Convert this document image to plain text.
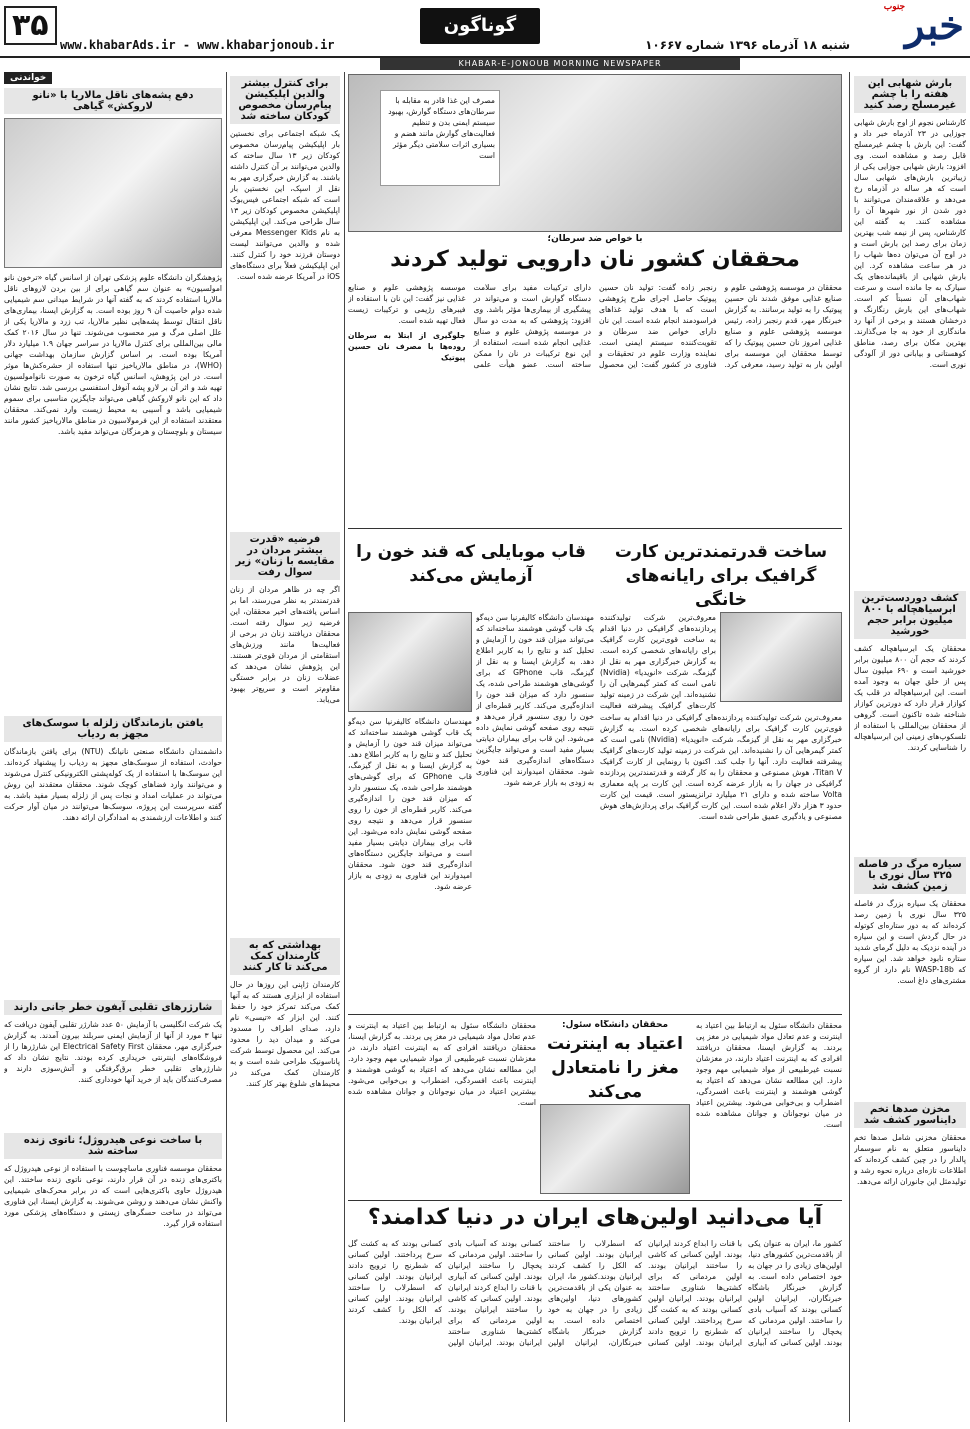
۳۵
www.khabarAds.ir - www.khabarjonoub.ir
گوناگون	خبر$^{جنوب}$
شنبه ۱۸ آذرماه ۱۳۹۶ شماره ۱۰۶۶۷
KHABAR-E-JONOUB MORNING NEWSPAPER
بارش شهابی این هفته را با چشم غیرمسلح رصد کنید

کارشناس نجوم از اوج بارش شهابی جوزایی در ۲۳ آذرماه خبر داد و گفت: این بارش با چشم غیرمسلح قابل رصد و مشاهده است. وی افزود: بارش شهابی جوزایی یکی از زیباترین بارش‌های شهابی سال است که هر ساله در آذرماه رخ می‌دهد و علاقه‌مندان می‌توانند با دور شدن از نور شهرها آن را مشاهده کنند. به گفته این کارشناس، پس از نیمه شب بهترین زمان برای رصد این بارش است و در اوج آن می‌توان ده‌ها شهاب را در هر ساعت مشاهده کرد. این بارش شهابی از باقیمانده‌های یک سیارک به جا مانده است و سرعت شهاب‌های آن نسبتاً کم است. شهاب‌های این بارش رنگارنگ و درخشان هستند و برخی از آنها رد ماندگاری از خود به جا می‌گذارند. بهترین مکان برای رصد، مناطق کوهستانی و بیابانی دور از آلودگی نوری است.

کشف دوردست‌ترین ابرسیاهچاله با ۸۰۰ میلیون برابر حجم خورشید

محققان یک ابرسیاهچاله کشف کردند که حجم آن ۸۰۰ میلیون برابر خورشید است و ۶۹۰ میلیون سال پس از خلق جهان به وجود آمده است. این ابرسیاهچاله در قلب یک کوازار قرار دارد که دورترین کوازار شناخته شده تاکنون است. گروهی از محققان بین‌المللی با استفاده از تلسکوپ‌های زمینی این ابرسیاهچاله را شناسایی کردند.

سیاره مرگ در فاصله ۳۲۵ سال نوری با زمین کشف شد

محققان یک سیاره بزرگ در فاصله ۳۲۵ سال نوری با زمین رصد کرده‌اند که به دور ستاره‌ای کوتوله در حال گردش است و این سیاره در آینده نزدیک به دلیل گرمای شدید ستاره نابود خواهد شد. این سیاره که WASP-18b نام دارد از گروه مشتری‌های داغ است.

مخزن صدها تخم دایناسور کشف شد

محققان مخزنی شامل صدها تخم دایناسور متعلق به نام سوسمار پالدار را در چین کشف کرده‌اند که اطلاعات تازه‌ای درباره نحوه رشد و تولیدمثل این جانوران ارائه می‌دهد.

مصرف این غذا قادر به مقابله با سرطان‌های دستگاه گوارش، بهبود سیستم ایمنی بدن و تنظیم فعالیت‌های گوارش مانند هضم و بسیاری اثرات سلامتی دیگر مؤثر است
با خواص ضد سرطان؛
محققان کشور نان دارویی تولید کردند
محققان در موسسه پژوهشی علوم و صنایع غذایی موفق شدند نان حسین پیوتیک را به تولید برسانند. به گزارش خبرنگار مهر، قدم رنجبر زاده، رئیس موسسه پژوهشی علوم و صنایع غذایی امروز نان حسین پیوتیک را که توسط محققان این موسسه برای اولین بار به تولید رسید، معرفی کرد. رنجبر زاده گفت: تولید نان حسین پیوتیک حاصل اجرای طرح پژوهشی است که با هدف تولید غذاهای فراسودمند انجام شده است. این نان دارای خواص ضد سرطان و تقویت‌کننده سیستم ایمنی است. نماینده وزارت علوم در تحقیقات و فناوری در کشور گفت: این محصول دارای ترکیبات مفید برای سلامت دستگاه گوارش است و می‌تواند در پیشگیری از بیماری‌ها مؤثر باشد. وی افزود: پژوهشی که به مدت دو سال در موسسه پژوهش علوم و صنایع غذایی انجام شده است، استفاده از این نوع ترکیبات در نان را ممکن ساخته است. عضو هیأت علمی موسسه پژوهشی علوم و صنایع غذایی نیز گفت: این نان با استفاده از فیبرهای رژیمی و ترکیبات زیست فعال تهیه شده است.
جلوگیری از ابتلا به سرطان روده‌ها با مصرف نان حسین پیوتیک
ساخت قدرتمندترین کارت گرافیک برای رایانه‌های خانگی
معروف‌ترین شرکت تولیدکننده پردازنده‌های گرافیکی در دنیا اقدام به ساخت قوی‌ترین کارت گرافیک برای رایانه‌های شخصی کرده است. به گزارش خبرگزاری مهر به نقل از گیزمگ، شرکت «انویدیا» (Nvidia) نامی است که کمتر گیمرهایی آن را نشنیده‌اند. این شرکت در زمینه تولید کارت‌های گرافیک پیشرفته فعالیت
معروف‌ترین شرکت تولیدکننده پردازنده‌های گرافیکی در دنیا اقدام به ساخت قوی‌ترین کارت گرافیک برای رایانه‌های شخصی کرده است. به گزارش خبرگزاری مهر به نقل از گیزمگ، شرکت «انویدیا» (Nvidia) نامی است که کمتر گیمرهایی آن را نشنیده‌اند. این شرکت در زمینه تولید کارت‌های گرافیک پیشرفته فعالیت دارد. آنها را جلب کند. اکنون با رونمایی از کارت گرافیک Titan V، هوش مصنوعی و محققان را به کار گرفته و قدرتمندترین پردازنده گرافیکی در جهان را به بازار عرضه کرده است. این کارت بر پایه معماری Volta ساخته شده و دارای ۲۱ میلیارد ترانزیستور است. قیمت این کارت حدود ۳ هزار دلار اعلام شده است. این کارت گرافیک برای پردازش‌های هوش مصنوعی و یادگیری عمیق طراحی شده است.
قاب موبایلی که قند خون را آزمایش می‌کند
مهندسان دانشگاه کالیفرنیا سن دیه‌گو یک قاب گوشی هوشمند ساخته‌اند که می‌تواند میزان قند خون را آزمایش و تحلیل کند و نتایج را به کاربر اطلاع دهد. به گزارش ایسنا و به نقل از گیزمگ، قاب GPhone که برای گوشی‌های هوشمند طراحی شده، یک سنسور دارد که میزان قند خون را اندازه‌گیری می‌کند. کاربر قطره‌ای از خون را روی سنسور قرار می‌دهد و نتیجه روی صفحه گوشی نمایش داده می‌شود. این قاب برای بیماران دیابتی بسیار مفید است و می‌تواند جایگزین دستگاه‌های اندازه‌گیری قند خون شود. محققان امیدوارند این فناوری به زودی به بازار عرضه شود.
مهندسان دانشگاه کالیفرنیا سن دیه‌گو یک قاب گوشی هوشمند ساخته‌اند که می‌تواند میزان قند خون را آزمایش و تحلیل کند و نتایج را به کاربر اطلاع دهد. به گزارش ایسنا و به نقل از گیزمگ، قاب GPhone که برای گوشی‌های هوشمند طراحی شده، یک سنسور دارد که میزان قند خون را اندازه‌گیری می‌کند. کاربر قطره‌ای از خون را روی سنسور قرار می‌دهد و نتیجه روی صفحه گوشی نمایش داده می‌شود. این قاب برای بیماران دیابتی بسیار مفید است و می‌تواند جایگزین دستگاه‌های اندازه‌گیری قند خون شود. محققان امیدوارند این فناوری به زودی به بازار عرضه شود.
محققان دانشگاه سئول:
اعتیاد به اینترنت مغز را نامتعادل می‌کند
محققان دانشگاه سئول به ارتباط بین اعتیاد به اینترنت و عدم تعادل مواد شیمیایی در مغز پی بردند. به گزارش ایسنا، محققان دریافتند افرادی که به اینترنت اعتیاد دارند، در مغزشان نسبت غیرطبیعی از مواد شیمیایی مهم وجود دارد. این مطالعه نشان می‌دهد که اعتیاد به گوشی هوشمند و اینترنت باعث افسردگی، اضطراب و بی‌خوابی می‌شود. بیشترین اعتیاد در میان نوجوانان و جوانان مشاهده شده است.
محققان دانشگاه سئول به ارتباط بین اعتیاد به اینترنت و عدم تعادل مواد شیمیایی در مغز پی بردند. به گزارش ایسنا، محققان دریافتند افرادی که به اینترنت اعتیاد دارند، در مغزشان نسبت غیرطبیعی از مواد شیمیایی مهم وجود دارد. این مطالعه نشان می‌دهد که اعتیاد به گوشی هوشمند و اینترنت باعث افسردگی، اضطراب و بی‌خوابی می‌شود. بیشترین اعتیاد در میان نوجوانان و جوانان مشاهده شده است.
آیا می‌دانید اولین‌های ایران در دنیا کدامند؟
کشور ما، ایران به عنوان یکی از باقدمت‌ترین کشورهای دنیا، اولین‌های زیادی را در جهان به خود اختصاص داده است. به گزارش خبرنگار باشگاه خبرنگاران، ایرانیان اولین کسانی بودند که آسیاب بادی را ساختند. اولین مردمانی که یخچال را ساختند ایرانیان بودند. اولین کسانی که آبیاری با قنات را ابداع کردند ایرانیان بودند. اولین کسانی که کاشی را ساختند ایرانیان بودند. اولین مردمانی که برای کشتی‌ها شناوری ساختند ایرانیان بودند. ایرانیان اولین کسانی بودند که به کشت گل سرخ پرداختند. اولین کسانی که شطرنج را ترویج دادند ایرانیان بودند. اولین کسانی که اسطرلاب را ساختند ایرانیان بودند. اولین کسانی که الکل را کشف کردند ایرانیان بودند.کشور ما، ایران به عنوان یکی از باقدمت‌ترین کشورهای دنیا، اولین‌های زیادی را در جهان به خود اختصاص داده است. به گزارش خبرنگار باشگاه خبرنگاران، ایرانیان اولین کسانی بودند که آسیاب بادی را ساختند. اولین مردمانی که یخچال را ساختند ایرانیان بودند. اولین کسانی که آبیاری با قنات را ابداع کردند ایرانیان بودند. اولین کسانی که کاشی را ساختند ایرانیان بودند. اولین مردمانی که برای کشتی‌ها شناوری ساختند ایرانیان بودند. ایرانیان اولین کسانی بودند که به کشت گل سرخ پرداختند. اولین کسانی که شطرنج را ترویج دادند ایرانیان بودند. اولین کسانی که اسطرلاب را ساختند ایرانیان بودند. اولین کسانی که الکل را کشف کردند ایرانیان بودند.
برای کنترل بیشتر والدین اپلیکیشن پیام‌رسان مخصوص کودکان ساخته شد

یک شبکه اجتماعی برای نخستین بار اپلیکیشن پیام‌رسان مخصوص کودکان زیر ۱۳ سال ساخته که والدین می‌توانند بر آن کنترل داشته باشند. به گزارش خبرگزاری مهر به نقل از اسپک، این نخستین بار است که شبکه اجتماعی فیس‌بوک اپلیکیشن مخصوص کودکان زیر ۱۳ سال طراحی می‌کند. این اپلیکیشن به نام Messenger Kids معرفی شده و والدین می‌توانند لیست دوستان فرزند خود را کنترل کنند. این اپلیکیشن فعلاً برای دستگاه‌های iOS در آمریکا عرضه شده است.

فرضیه «قدرت بیشتر مردان در مقایسه با زنان» زیر سوال رفت

اگر چه در ظاهر مردان از زنان قدرتمندتر به نظر می‌رسند، اما بر اساس یافته‌های اخیر محققان، این فرضیه زیر سوال رفته است. محققان دریافتند زنان در برخی از فعالیت‌ها مانند ورزش‌های استقامتی از مردان قوی‌تر هستند. این پژوهش نشان می‌دهد که عضلات زنان در برابر خستگی مقاوم‌تر است و سریع‌تر بهبود می‌یابد.

بهداشتی که به کارمندان کمک می‌کند تا کار کنند

کارمندان ژاپنی این روزها در حال استفاده از ابزاری هستند که به آنها کمک می‌کند تمرکز خود را حفظ کنند. این ابزار که «تیسی» نام دارد، صدای اطراف را مسدود می‌کند و میدان دید را محدود می‌کند. این محصول توسط شرکت پاناسونیک طراحی شده است و به کارمندان کمک می‌کند در محیط‌های شلوغ بهتر کار کنند.

خواندنی
دفع پشه‌های ناقل مالاریا با «نانو لاروکش» گیاهی

پژوهشگران دانشگاه علوم پزشکی تهران از اسانس گیاه «ترخون نانو امولسیون» به عنوان سم گیاهی برای از بین بردن لاروهای ناقل مالاریا استفاده کردند که به گفته آنها در شرایط میدانی سم شیمیایی شده دوام خاصیت آن ۹ روز بوده است. به گزارش ایسنا، بیماری‌های ناقل انتقال توسط پشه‌هایی نظیر مالاریا، تب زرد و مالاریا یکی از علل اصلی مرگ و میر محسوب می‌شوند. تنها در سال ۲۰۱۶ کمک مالی بین‌المللی برای کنترل مالاریا در سراسر جهان ۱.۹ میلیارد دلار آمریکا بوده است. بر اساس گزارش سازمان بهداشت جهانی (WHO)، در مناطق مالاریاخیز تنها استفاده از حشره‌کش‌ها موثر است. در این پژوهش، اسانس گیاه ترخون به صورت نانوامولسیون تهیه شد و اثر آن بر لارو پشه آنوفل استفنسی بررسی شد. نتایج نشان داد که این نانو لاروکش گیاهی می‌تواند جایگزین مناسبی برای سموم شیمیایی باشد و آسیبی به محیط زیست وارد نمی‌کند. محققان معتقدند استفاده از این فرمولاسیون در مناطق مالاریاخیز کشور مانند سیستان و بلوچستان و هرمزگان می‌تواند مفید باشد.

یافتن بازماندگان زلزله با سوسک‌های مجهز به ردیاب

دانشمندان دانشگاه صنعتی نانیانگ (NTU) برای یافتن بازماندگان حوادث، استفاده از سوسک‌های مجهز به ردیاب را پیشنهاد کرده‌اند. این سوسک‌ها با استفاده از یک کوله‌پشتی الکترونیکی کنترل می‌شوند و می‌توانند وارد فضاهای کوچک شوند. محققان معتقدند این روش می‌تواند در عملیات امداد و نجات پس از زلزله بسیار مفید باشد. به گفته سرپرست این پروژه، سوسک‌ها می‌توانند در میان آوار حرکت کنند و اطلاعات ارزشمندی به امدادگران ارائه دهند.

شارژرهای تقلبی آیفون خطر جانی دارند

یک شرکت انگلیسی با آزمایش ۵۰ عدد شارژر تقلبی آیفون دریافت که تنها ۳ مورد از آنها از آزمایش ایمنی سربلند بیرون آمدند. به گزارش خبرگزاری مهر، محققان Electrical Safety First این شارژرها را از فروشگاه‌های اینترنتی خریداری کرده بودند. نتایج نشان داد که شارژرهای تقلبی خطر برق‌گرفتگی و آتش‌سوزی دارند و مصرف‌کنندگان باید از خرید آنها خودداری کنند.

با ساخت نوعی هیدروژل؛ ناتوی زنده ساخته شد

محققان موسسه فناوری ماساچوست با استفاده از نوعی هیدروژل که باکتری‌های زنده در آن قرار دارند، نوعی ناتوی زنده ساختند. این هیدروژل حاوی باکتری‌هایی است که در برابر محرک‌های شیمیایی واکنش نشان می‌دهند و روشن می‌شوند. به گزارش ایسنا، این فناوری می‌تواند در ساخت حسگرهای زیستی و دستگاه‌های پزشکی مورد استفاده قرار گیرد.
